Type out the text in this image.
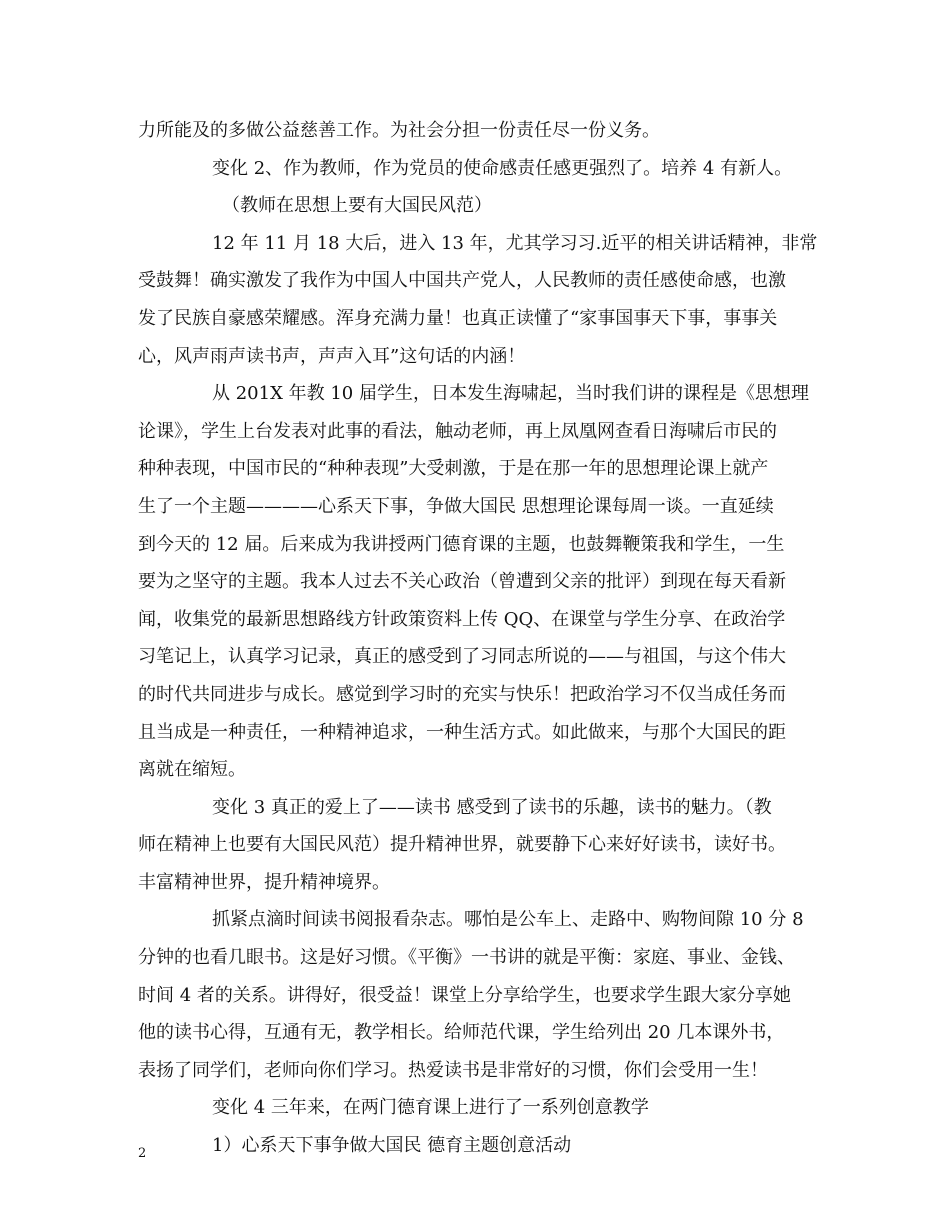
力所能及的多做公益慈善工作。为社会分担一份责任尽一份义务。
变化 2、作为教师，作为党员的使命感责任感更强烈了。培养 4 有新人。
（教师在思想上要有大国民风范）
12 年 11 月 18 大后，进入 13 年，尤其学习习.近平的相关讲话精神，非常
受鼓舞！确实激发了我作为中国人中国共产党人，人民教师的责任感使命感，也激
发了民族自豪感荣耀感。浑身充满力量！也真正读懂了“家事国事天下事，事事关
心，风声雨声读书声，声声入耳”这句话的内涵！
从 201X 年教 10 届学生，日本发生海啸起，当时我们讲的课程是《思想理
论课》，学生上台发表对此事的看法，触动老师，再上凤凰网查看日海啸后市民的
种种表现，中国市民的“种种表现”大受刺激，于是在那一年的思想理论课上就产
生了一个主题————心系天下事，争做大国民 思想理论课每周一谈。一直延续
到今天的 12 届。后来成为我讲授两门德育课的主题，也鼓舞鞭策我和学生，一生
要为之坚守的主题。我本人过去不关心政治（曾遭到父亲的批评）到现在每天看新
闻，收集党的最新思想路线方针政策资料上传 QQ、在课堂与学生分享、在政治学
习笔记上，认真学习记录，真正的感受到了习同志所说的——与祖国，与这个伟大
的时代共同进步与成长。感觉到学习时的充实与快乐！把政治学习不仅当成任务而
且当成是一种责任，一种精神追求，一种生活方式。如此做来，与那个大国民的距
离就在缩短。
变化 3 真正的爱上了——读书 感受到了读书的乐趣，读书的魅力。（教
师在精神上也要有大国民风范）提升精神世界，就要静下心来好好读书，读好书。
丰富精神世界，提升精神境界。
抓紧点滴时间读书阅报看杂志。哪怕是公车上、走路中、购物间隙 10 分 8
分钟的也看几眼书。这是好习惯。《平衡》一书讲的就是平衡：家庭、事业、金钱、
时间 4 者的关系。讲得好，很受益！课堂上分享给学生，也要求学生跟大家分享她
他的读书心得，互通有无，教学相长。给师范代课，学生给列出 20 几本课外书，
表扬了同学们，老师向你们学习。热爱读书是非常好的习惯，你们会受用一生！
变化 4 三年来，在两门德育课上进行了一系列创意教学
1）心系天下事争做大国民 德育主题创意活动
2
